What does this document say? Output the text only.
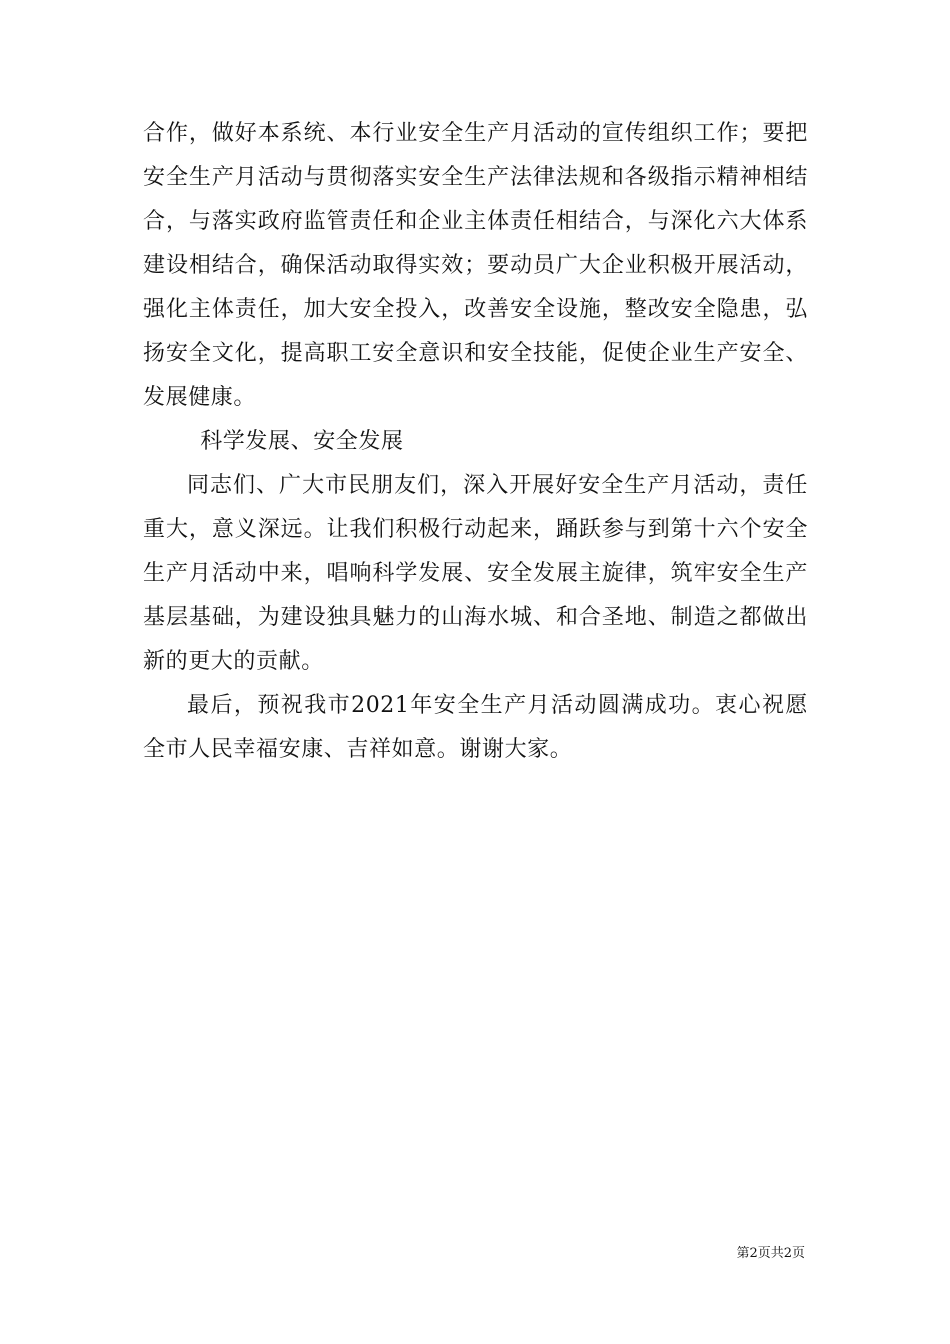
合作，做好本系统、本行业安全生产月活动的宣传组织工作；要把安全生产月活动与贯彻落实安全生产法律法规和各级指示精神相结合，与落实政府监管责任和企业主体责任相结合，与深化六大体系建设相结合，确保活动取得实效；要动员广大企业积极开展活动，强化主体责任，加大安全投入，改善安全设施，整改安全隐患，弘扬安全文化，提高职工安全意识和安全技能，促使企业生产安全、发展健康。

科学发展、安全发展

同志们、广大市民朋友们，深入开展好安全生产月活动，责任重大，意义深远。让我们积极行动起来，踊跃参与到第十六个安全生产月活动中来，唱响科学发展、安全发展主旋律，筑牢安全生产基层基础，为建设独具魅力的山海水城、和合圣地、制造之都做出新的更大的贡献。

最后，预祝我市2021年安全生产月活动圆满成功。衷心祝愿全市人民幸福安康、吉祥如意。谢谢大家。

第2页共2页
